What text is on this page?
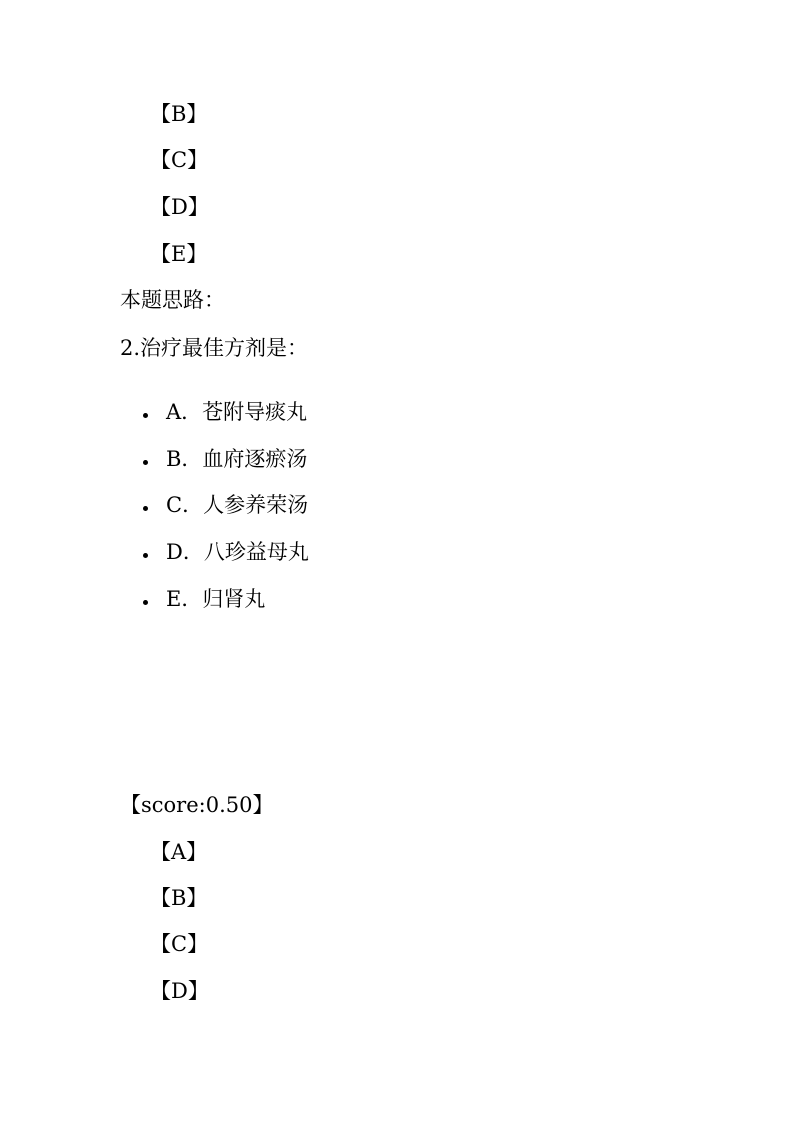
【B】
【C】
【D】
【E】
本题思路：
2.治疗最佳方剂是：
A．苍附导痰丸
B．血府逐瘀汤
C．人参养荣汤
D．八珍益母丸
E．归肾丸
【score:0.50】
【A】
【B】
【C】
【D】
